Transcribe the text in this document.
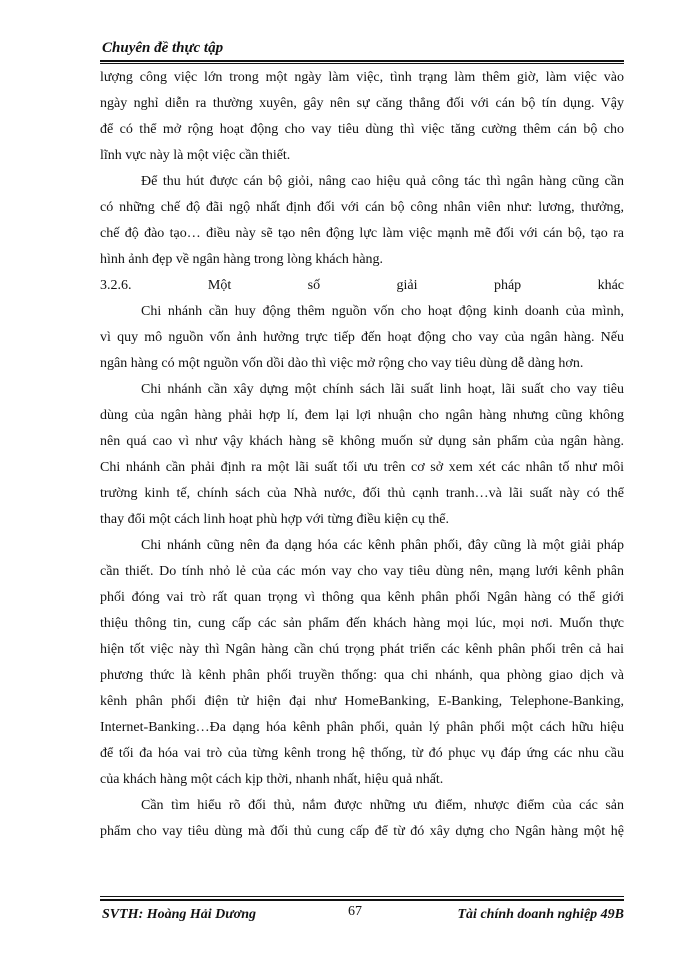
Chuyên đề thực tập

lượng công việc lớn trong một ngày làm việc, tình trạng làm thêm giờ, làm việc vào

ngày nghỉ diễn ra thường xuyên, gây nên sự căng thẳng đối với cán bộ tín dụng. Vậy

để có thể mở rộng hoạt động cho vay tiêu dùng thì việc tăng cường thêm cán bộ cho

lĩnh vực này là một việc cần thiết.

Để thu hút được cán bộ giỏi, nâng cao hiệu quả công tác thì ngân hàng cũng cần

có những chế độ đãi ngộ nhất định đối với cán bộ công nhân viên như: lương, thưởng,

chế độ đào tạo… điều này sẽ tạo nên động lực làm việc mạnh mẽ đối với cán bộ, tạo ra

hình ảnh đẹp về ngân hàng trong lòng khách hàng.

3.2.6. Một số giải pháp khác

Chi nhánh cần huy động thêm nguồn vốn cho hoạt động kinh doanh của mình,

vì quy mô nguồn vốn ảnh hưởng trực tiếp đến hoạt động cho vay của ngân hàng. Nếu

ngân hàng có một nguồn vốn dồi dào thì việc mở rộng cho vay tiêu dùng dễ dàng hơn.

Chi nhánh cần xây dựng một chính sách lãi suất linh hoạt, lãi suất cho vay tiêu

dùng của ngân hàng phải hợp lí, đem lại lợi nhuận cho ngân hàng nhưng cũng không

nên quá cao vì như vậy khách hàng sẽ không muốn sử dụng sản phẩm của ngân hàng.

Chi nhánh cần phải định ra một lãi suất tối ưu trên cơ sở xem xét các nhân tố như môi

trường kinh tế, chính sách của Nhà nước, đối thủ cạnh tranh…và lãi suất này có thể

thay đổi một cách linh hoạt phù hợp với từng điều kiện cụ thể.

Chi nhánh cũng nên đa dạng hóa các kênh phân phối, đây cũng là một giải pháp

cần thiết. Do tính nhỏ lẻ của các món vay cho vay tiêu dùng nên, mạng lưới kênh phân

phối đóng vai trò rất quan trọng vì thông qua kênh phân phối Ngân hàng có thể giới

thiệu thông tin, cung cấp các sản phẩm đến khách hàng mọi lúc, mọi nơi. Muốn thực

hiện tốt việc này thì Ngân hàng cần chú trọng phát triển các kênh phân phối trên cả hai

phương thức là kênh phân phối truyền thống: qua chi nhánh, qua phòng giao dịch và

kênh phân phối điện tử hiện đại như HomeBanking, E-Banking, Telephone-Banking,

Internet-Banking…Đa dạng hóa kênh phân phối, quản lý phân phối một cách hữu hiệu

để tối đa hóa vai trò của từng kênh trong hệ thống, từ đó phục vụ đáp ứng các nhu cầu

của khách hàng một cách kịp thời, nhanh nhất, hiệu quả nhất.

Cần tìm hiểu rõ đối thủ, nắm được những ưu điểm, nhược điểm của các sản

phẩm cho vay tiêu dùng mà đối thủ cung cấp để từ đó xây dựng cho Ngân hàng một hệ

SVTH: Hoàng Hải Dương	67	Tài chính doanh nghiệp 49B
